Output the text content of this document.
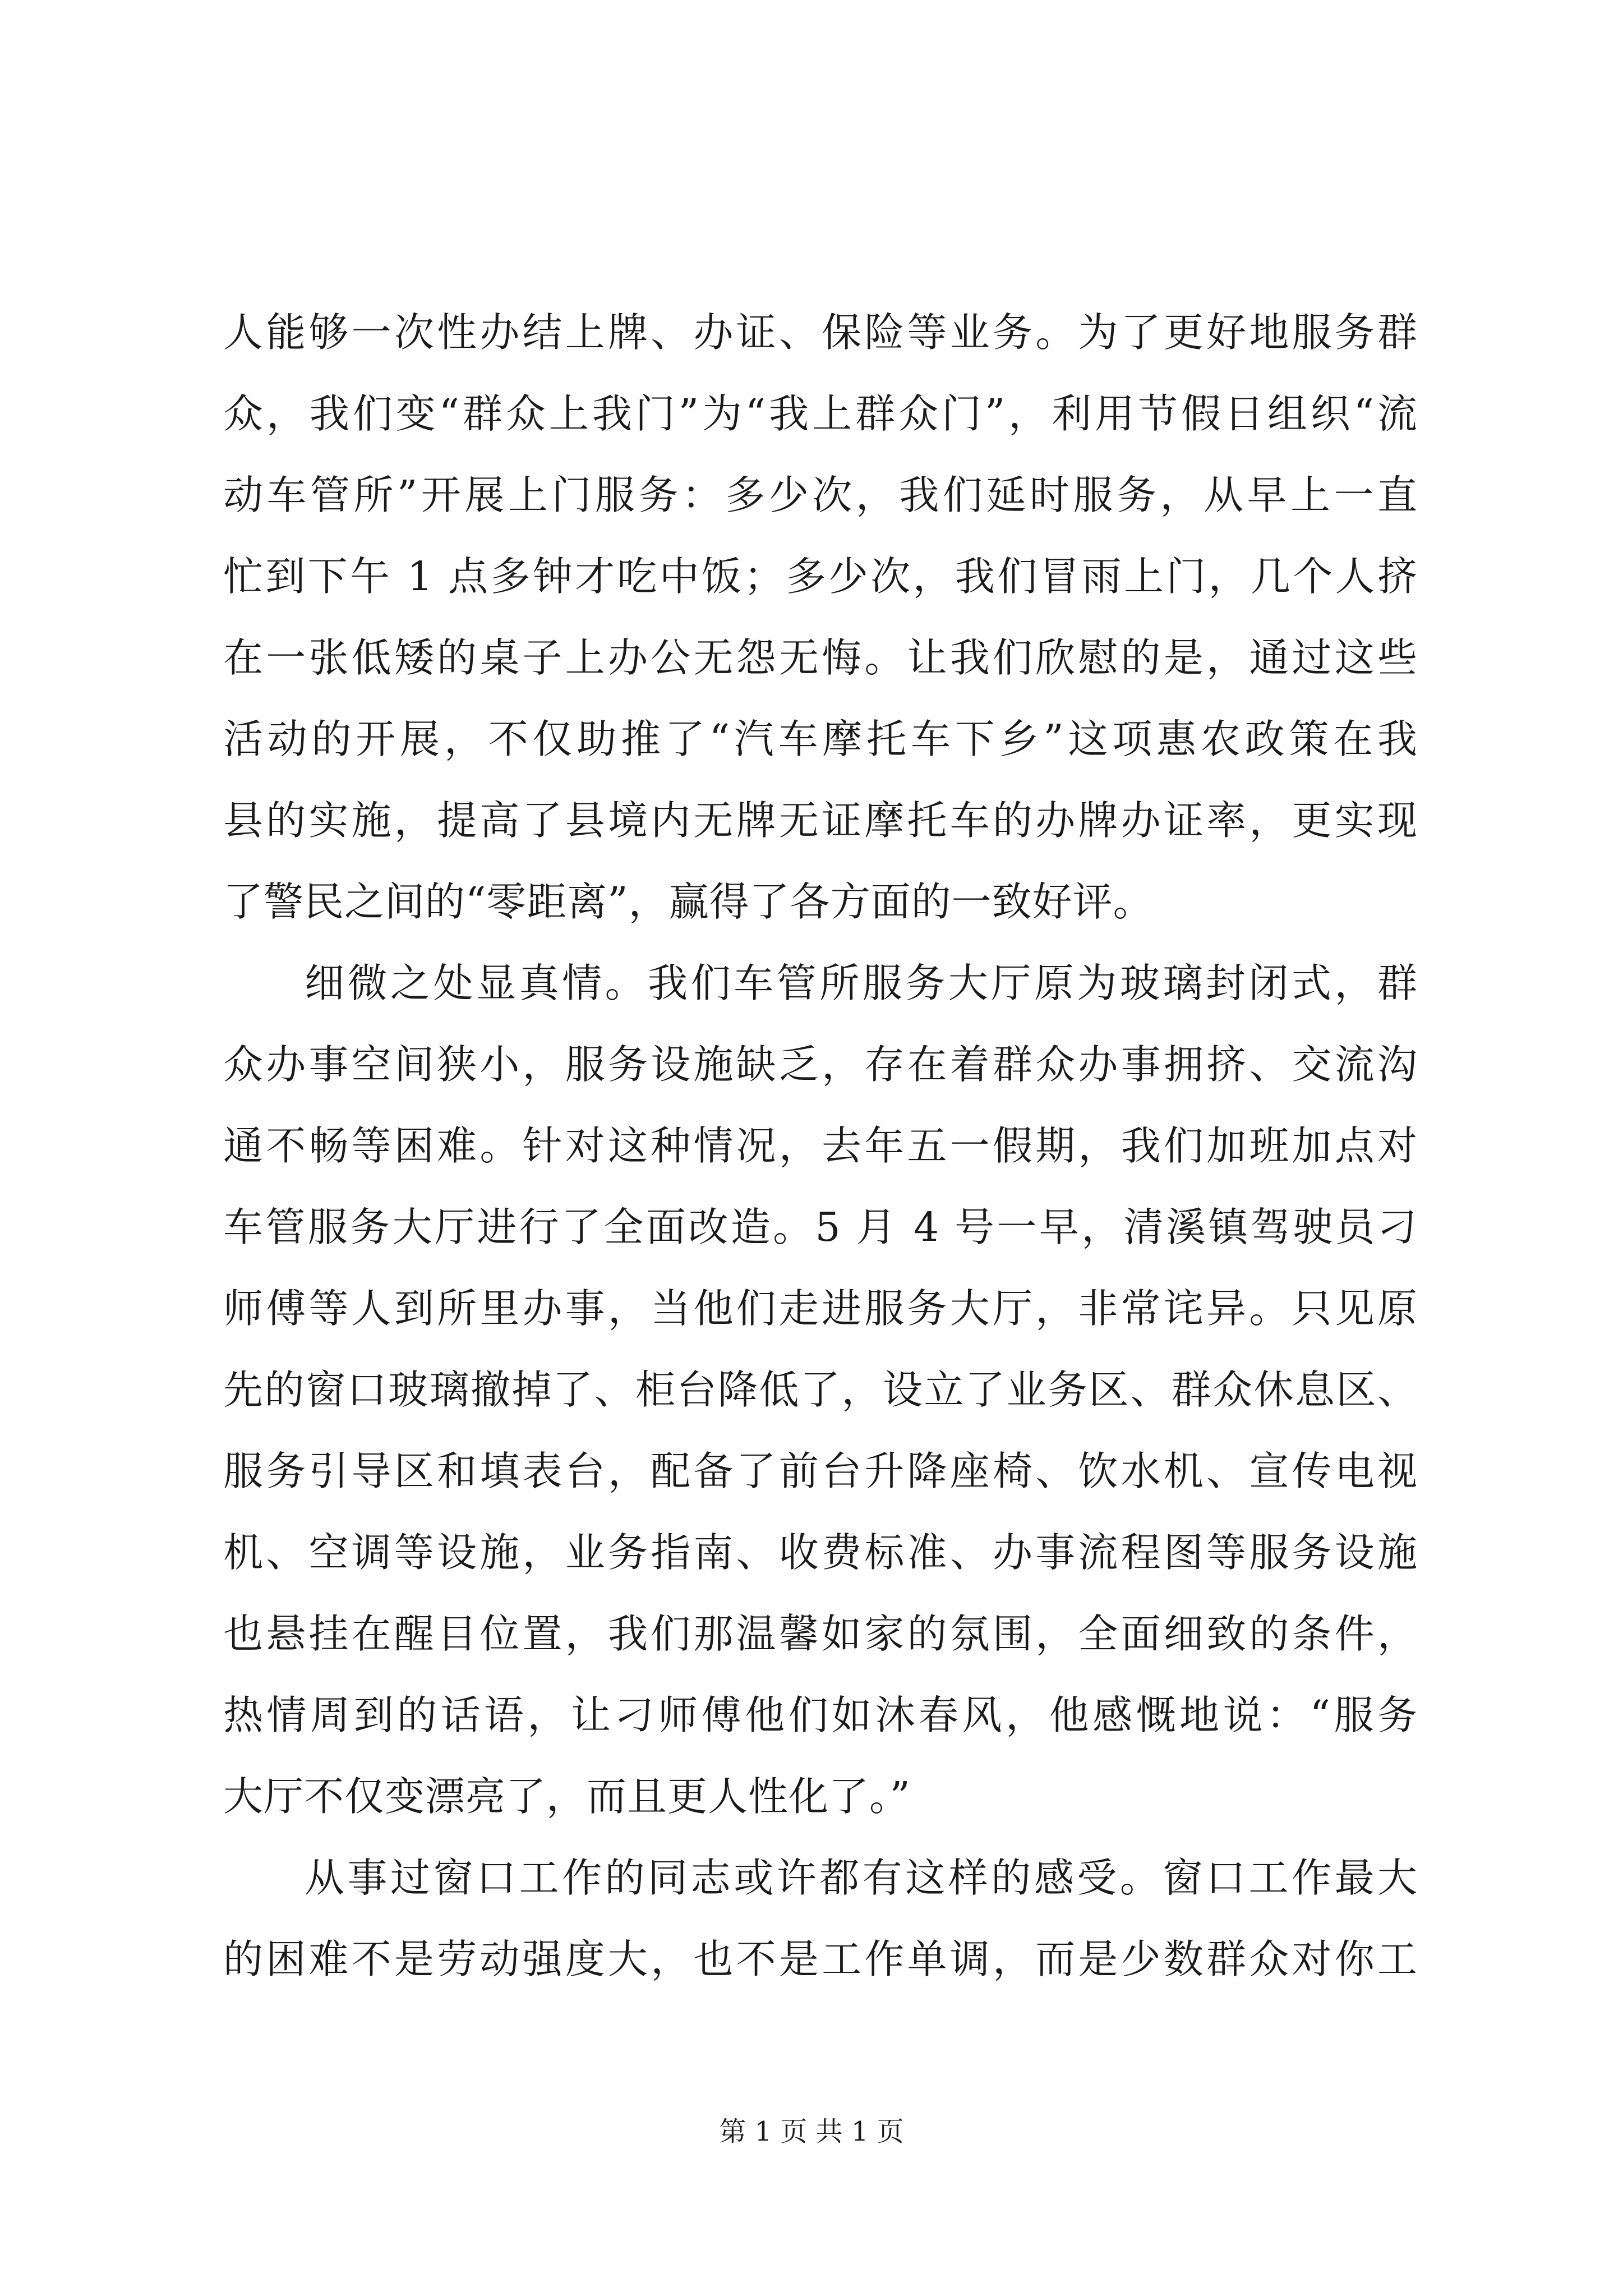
人能够一次性办结上牌、办证、保险等业务。为了更好地服务群
众，我们变“群众上我门”为“我上群众门”，利用节假日组织“流
动车管所”开展上门服务：多少次，我们延时服务，从早上一直
忙到下午 1 点多钟才吃中饭；多少次，我们冒雨上门，几个人挤
在一张低矮的桌子上办公无怨无悔。让我们欣慰的是，通过这些
活动的开展，不仅助推了“汽车摩托车下乡”这项惠农政策在我
县的实施，提高了县境内无牌无证摩托车的办牌办证率，更实现
了警民之间的“零距离”，赢得了各方面的一致好评。
细微之处显真情。我们车管所服务大厅原为玻璃封闭式，群
众办事空间狭小，服务设施缺乏，存在着群众办事拥挤、交流沟
通不畅等困难。针对这种情况，去年五一假期，我们加班加点对
车管服务大厅进行了全面改造。5 月 4 号一早，清溪镇驾驶员刁
师傅等人到所里办事，当他们走进服务大厅，非常诧异。只见原
先的窗口玻璃撤掉了、柜台降低了，设立了业务区、群众休息区、
服务引导区和填表台，配备了前台升降座椅、饮水机、宣传电视
机、空调等设施，业务指南、收费标准、办事流程图等服务设施
也悬挂在醒目位置，我们那温馨如家的氛围，全面细致的条件，
热情周到的话语，让刁师傅他们如沐春风，他感慨地说：“服务
大厅不仅变漂亮了，而且更人性化了。”
从事过窗口工作的同志或许都有这样的感受。窗口工作最大
的困难不是劳动强度大，也不是工作单调，而是少数群众对你工
第 1 页 共 1 页
